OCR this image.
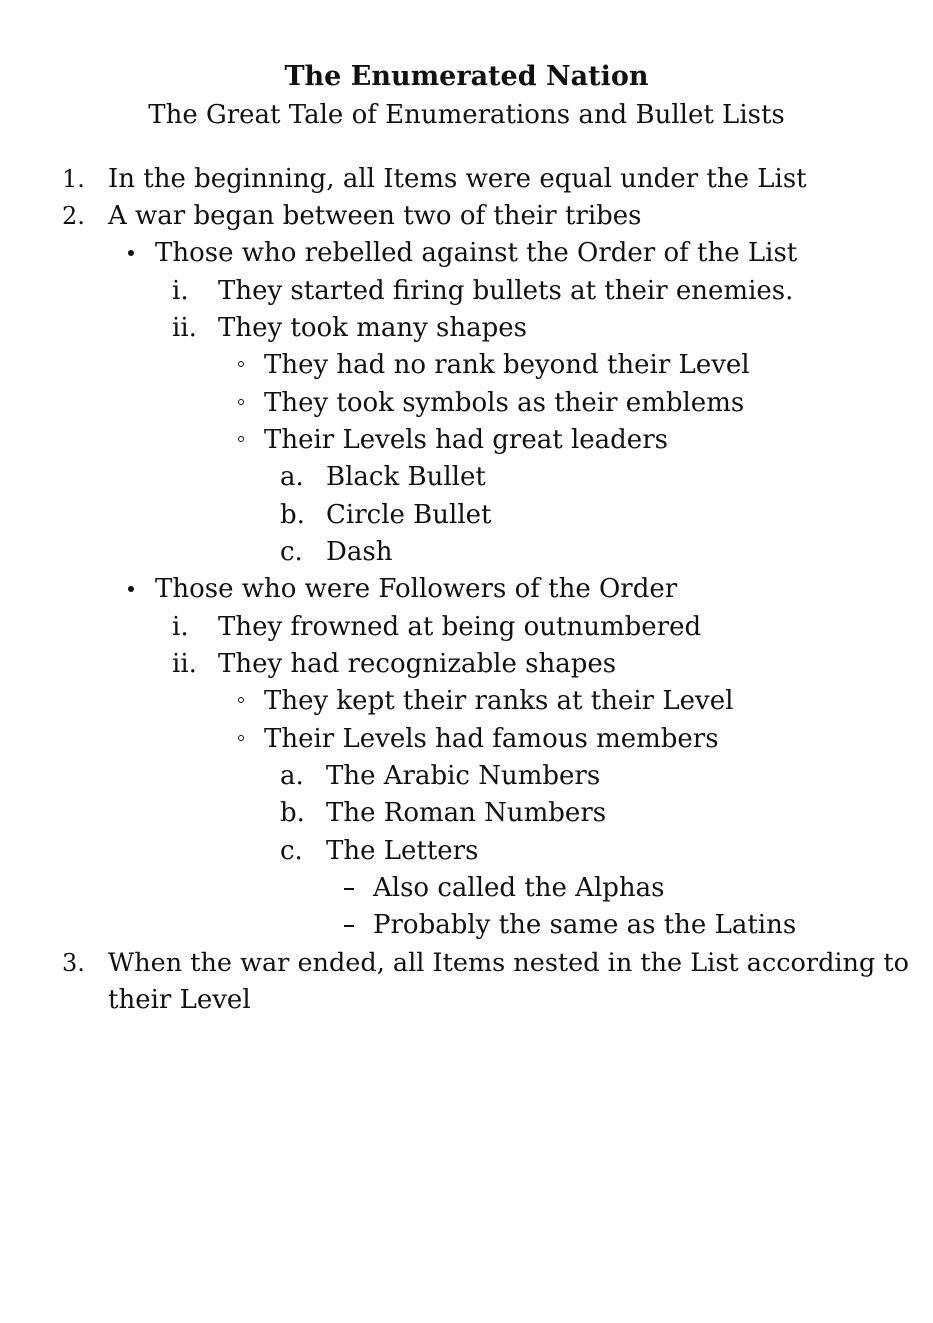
The Enumerated Nation
The Great Tale of Enumerations and Bullet Lists
1. In the beginning, all Items were equal under the List
2. A war began between two of their tribes
Those who rebelled against the Order of the List
i. They started firing bullets at their enemies.
ii. They took many shapes
They had no rank beyond their Level
They took symbols as their emblems
Their Levels had great leaders
a. Black Bullet
b. Circle Bullet
c. Dash
Those who were Followers of the Order
i. They frowned at being outnumbered
ii. They had recognizable shapes
They kept their ranks at their Level
Their Levels had famous members
a. The Arabic Numbers
b. The Roman Numbers
c. The Letters
Also called the Alphas
Probably the same as the Latins
3. When the war ended, all Items nested in the List according to
their Level
